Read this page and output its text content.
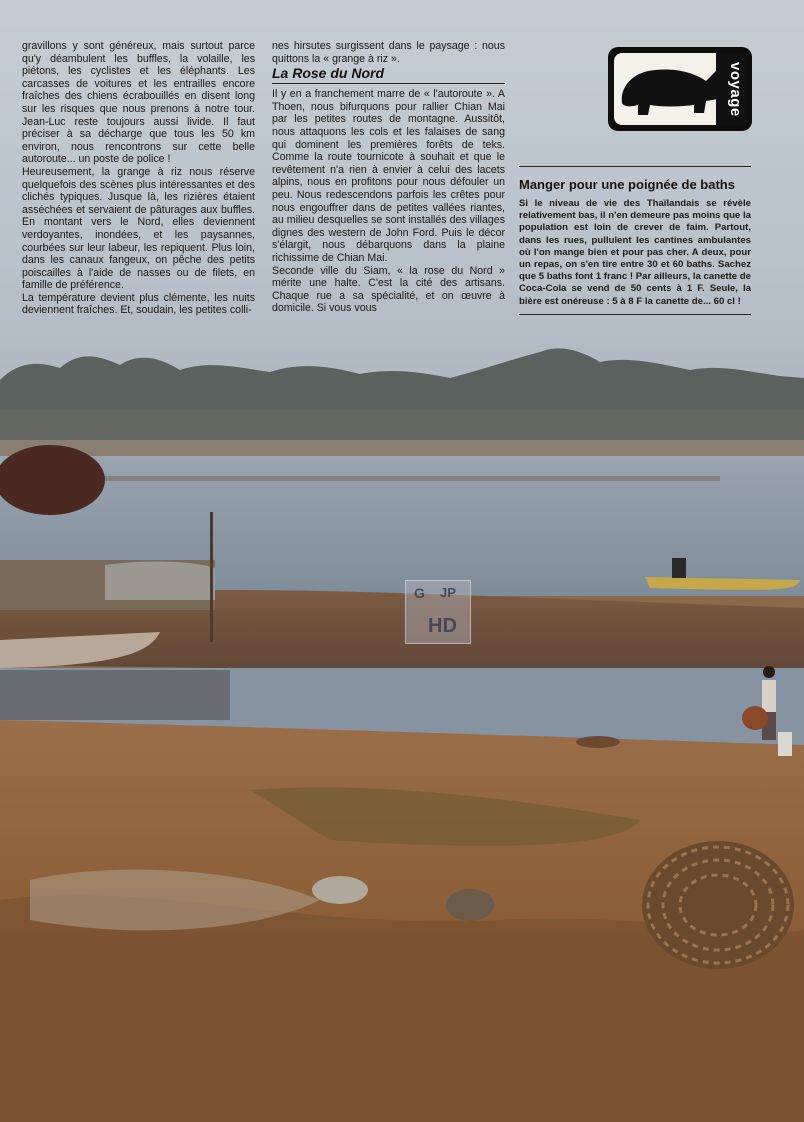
gravillons y sont généreux, mais surtout parce qu'y déambulent les buffles, la volaille, les piétons, les cyclistes et les éléphants. Les carcasses de voitures et les entrailles encore fraîches des chiens écrabouillés en disent long sur les risques que nous prenons à notre tour. Jean-Luc reste toujours aussi livide. Il faut préciser à sa décharge que tous les 50 km environ, nous rencontrons sur cette belle autoroute... un poste de police !

Heureusement, la grange à riz nous réserve quelquefois des scènes plus intéressantes et des clichés typiques. Jusque là, les rizières étaient asséchées et servaient de pâturages aux buffles. En montant vers le Nord, elles deviennent verdoyantes, inondées, et les paysannes, courbées sur leur labeur, les repiquent. Plus loin, dans les canaux fangeux, on pêche des petits poiscailles à l'aide de nasses ou de filets, en famille de préférence.

La température devient plus clémente, les nuits deviennent fraîches. Et, soudain, les petites colli-

nes hirsutes surgissent dans le paysage : nous quittons la « grange à riz ».

La Rose du Nord

Il y en a franchement marre de « l'autoroute ». A Thoen, nous bifurquons pour rallier Chian Mai par les petites routes de montagne. Aussitôt, nous attaquons les cols et les falaises de sang qui dominent les premières forêts de teks. Comme la route tournicote à souhait et que le revêtement n'a rien à envier à celui des lacets alpins, nous en profitons pour nous défouler un peu. Nous redescendons parfois les crêtes pour nous engouffrer dans de petites vallées riantes, au milieu desquelles se sont installés des villages dignes des western de John Ford. Puis le décor s'élargit, nous débarquons dans la plaine richissime de Chian Mai.

Seconde ville du Siam, « la rose du Nord » mérite une halte. C'est la cité des artisans. Chaque rue a sa spécialité, et on œuvre à domicile. Si vous vous

voyage
Manger pour une poignée de baths

Si le niveau de vie des Thaïlandais se révèle relativement bas, il n'en demeure pas moins que la population est loin de crever de faim. Partout, dans les rues, pullulent les cantines ambulantes où l'on mange bien et pour pas cher. A deux, pour un repas, on s'en tire entre 30 et 60 baths. Sachez que 5 baths font 1 franc ! Par ailleurs, la canette de Coca-Cola se vend de 50 cents à 1 F. Seule, la bière est onéreuse : 5 à 8 F la canette de... 60 cl !

G JP
HD
